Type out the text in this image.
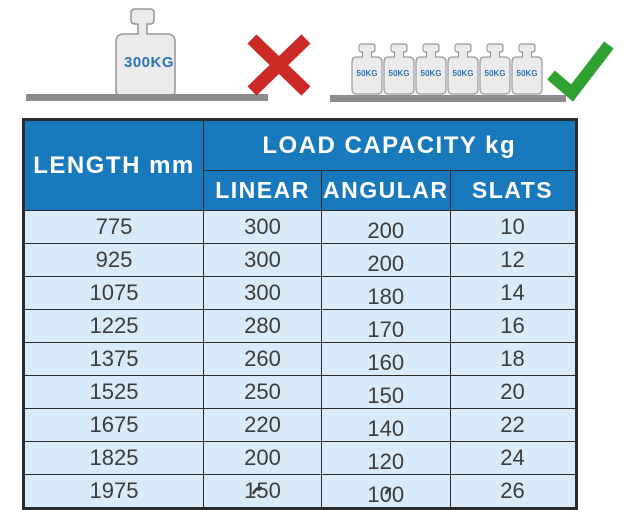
300KG
50KG	50KG	50KG	50KG	50KG	50KG
LENGTH mm	LOAD CAPACITY kg		
	LINEAR	ANGULAR	SLATS
775	300	200	10
925	300	200	12
1075	300	180	14
1225	280	170	16
1375	260	160	18
1525	250	150	20
1675	220	140	22
1825	200	120	24
1975	150	100	26
